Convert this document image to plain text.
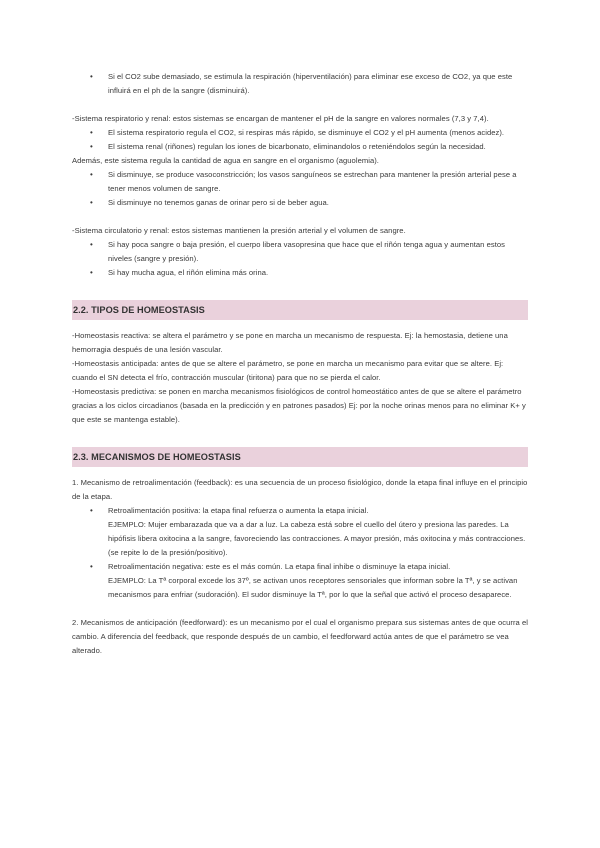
• Si el CO2 sube demasiado, se estimula la respiración (hiperventilación) para eliminar ese exceso de CO2, ya que este influirá en el ph de la sangre (disminuirá).

-Sistema respiratorio y renal: estos sistemas se encargan de mantener el pH de la sangre en valores normales (7,3 y 7,4).

• El sistema respiratorio regula el CO2, si respiras más rápido, se disminuye el CO2 y el pH aumenta (menos acidez).
• El sistema renal (riñones) regulan los iones de bicarbonato, eliminandolos o reteniéndolos según la necesidad.

Además, este sistema regula la cantidad de agua en sangre en el organismo (aguolemia).

• Si disminuye, se produce vasoconstricción; los vasos sanguíneos se estrechan para mantener la presión arterial pese a tener menos volumen de sangre.
• Si disminuye no tenemos ganas de orinar pero si de beber agua.

-Sistema circulatorio y renal: estos sistemas mantienen la presión arterial y el volumen de sangre.

• Si hay poca sangre o baja presión, el cuerpo libera vasopresina que hace que el riñón tenga agua y aumentan estos niveles (sangre y presión).
• Si hay mucha agua, el riñón elimina más orina.
2.2. TIPOS DE HOMEOSTASIS

-Homeostasis reactiva: se altera el parámetro y se pone en marcha un mecanismo de respuesta. Ej: la hemostasia, detiene una hemorragia después de una lesión vascular.

-Homeostasis anticipada: antes de que se altere el parámetro, se pone en marcha un mecanismo para evitar que se altere. Ej: cuando el SN detecta el frío, contracción muscular (tiritona) para que no se pierda el calor.

-Homeostasis predictiva: se ponen en marcha mecanismos fisiológicos de control homeostático antes de que se altere el parámetro gracias a los ciclos circadianos (basada en la predicción y en patrones pasados) Ej: por la noche orinas menos para no eliminar K+ y que este se mantenga estable).

2.3. MECANISMOS DE HOMEOSTASIS

1. Mecanismo de retroalimentación (feedback): es una secuencia de un proceso fisiológico, donde la etapa final influye en el principio de la etapa.

• Retroalimentación positiva: la etapa final refuerza o aumenta la etapa inicial.
EJEMPLO: Mujer embarazada que va a dar a luz. La cabeza está sobre el cuello del útero y presiona las paredes. La hipófisis libera oxitocina a la sangre, favoreciendo las contracciones. A mayor presión, más oxitocina y más contracciones. (se repite lo de la presión/positivo).
• Retroalimentación negativa: este es el más común. La etapa final inhibe o disminuye la etapa inicial.
EJEMPLO: La Tª corporal excede los 37º, se activan unos receptores sensoriales que informan sobre la Tª, y se activan mecanismos para enfriar (sudoración). El sudor disminuye la Tª, por lo que la señal que activó el proceso desaparece.

2. Mecanismos de anticipación (feedforward): es un mecanismo por el cual el organismo prepara sus sistemas antes de que ocurra el cambio. A diferencia del feedback, que responde después de un cambio, el feedforward actúa antes de que el parámetro se vea alterado.
